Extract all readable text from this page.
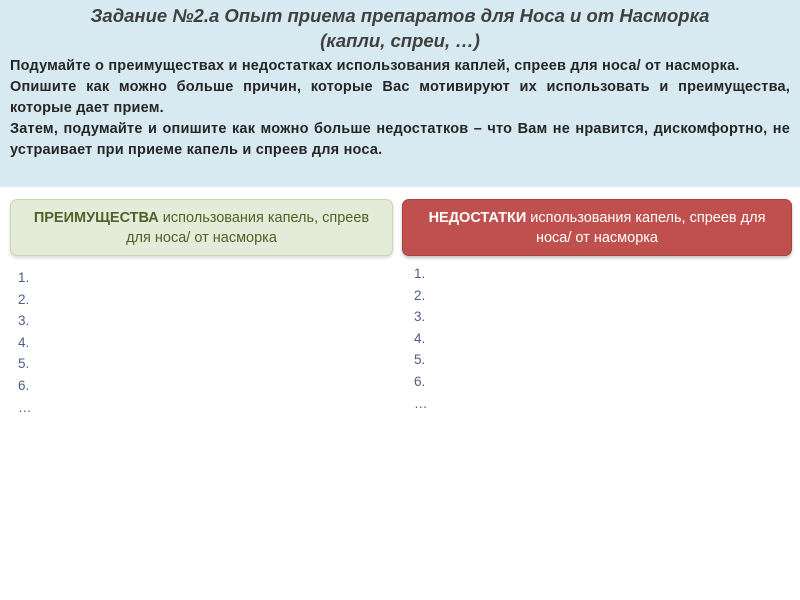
Задание №2.а Опыт приема препаратов для Носа и от Насморка
(капли, спреи, …)

Подумайте о преимуществах и недостатках использования каплей, спреев для носа/ от насморка.

Опишите как можно больше причин, которые Вас мотивируют их использовать и преимущества, которые дает прием.

Затем, подумайте и опишите как можно больше недостатков – что Вам не нравится, дискомфортно, не устраивает при приеме капель и спреев для носа.

ПРЕИМУЩЕСТВА использования капель, спреев для носа/ от насморка
НЕДОСТАТКИ использования капель, спреев для носа/ от насморка
1.
2.
3.
4.
5.
6.
…
1.
2.
3.
4.
5.
6.
…
